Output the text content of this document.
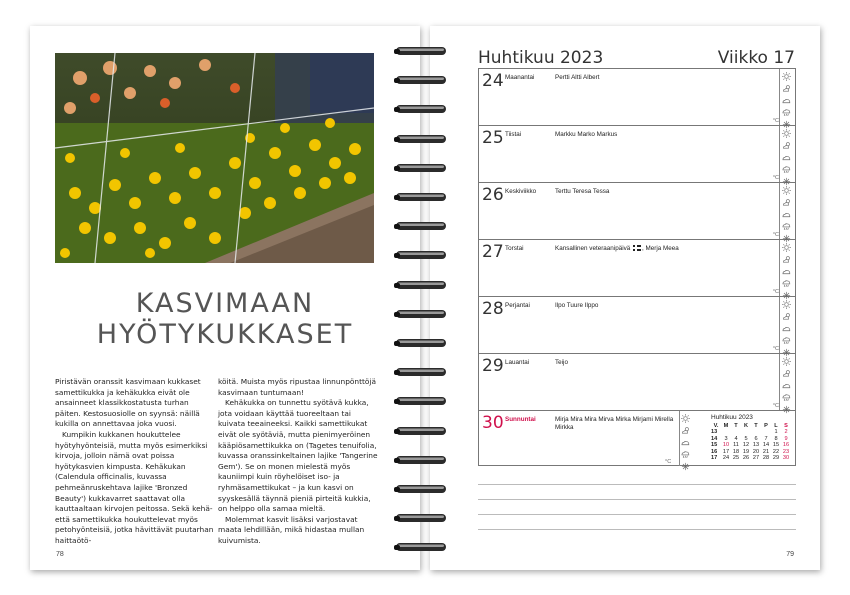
KASVIMAAN
HYÖTYKUKKASET

Piristävän oranssit kasvimaan kukkaset samettikukka ja kehäkukka eivät ole ansainneet klassikkostatusta turhan päiten. Kestosuosiolle on syynsä: näillä kukilla on annettavaa joka vuosi.

Kumpikin kukkanen houkuttelee hyötyhyönteisiä, mutta myös esimerkiksi kirvoja, jolloin nämä ovat poissa hyötykasvien kimpusta. Kehäkukan (Calendula officinalis, kuvassa pehmeänruskehtava lajike 'Bronzed Beauty') kukkavarret saattavat olla kauttaaltaan kirvojen peitossa. Sekä kehä- että samettikukka houkuttelevat myös petohyönteisiä, jotka hävittävät puutarhan haittaötö-

köitä. Muista myös ripustaa linnunpönttöjä kasvimaan tuntumaan!

Kehäkukka on tunnettu syötävä kukka, jota voidaan käyttää tuoreeltaan tai kuivata teeaineeksi. Kaikki samettikukat eivät ole syötäviä, mutta pienimyeröinen kääpiösamettikukka on (Tagetes tenuifolia, kuvassa oranssinkeltainen lajike 'Tangerine Gem'). Se on monen mielestä myös kauniimpi kuin röyhelöiset iso- ja ryhmäsamettikukat – ja kun kasvi on syyskesällä täynnä pieniä pirteitä kukkia, on helppo olla samaa mieltä.

Molemmat kasvit lisäksi varjostavat maata lehdillään, mikä hidastaa mullan kuivumista.

78	79
Huhtikuu 2023	Viikko 17
24 Maanantai	Pertti Altti Albert
°C
25 Tiistai	Markku Marko Markus
°C
26 Keskiviikko	Terttu Teresa Tessa
°C
27 Torstai	Kansallinen veteraanipäivä , Merja Meea
°C
28 Perjantai	Ilpo Tuure Ilppo
°C
29 Lauantai	Teijo
°C
30 Sunnuntai	Mirja Mira Mira Mirva Mirka Mirjami Mirella Mirkka
°C
Huhtikuu 2023
V.	M	T	K	T	P	L	S
13						1	2
14	3	4	5	6	7	8	9
15	10	11	12	13	14	15	16
16	17	18	19	20	21	22	23
17	24	25	26	27	28	29	30
